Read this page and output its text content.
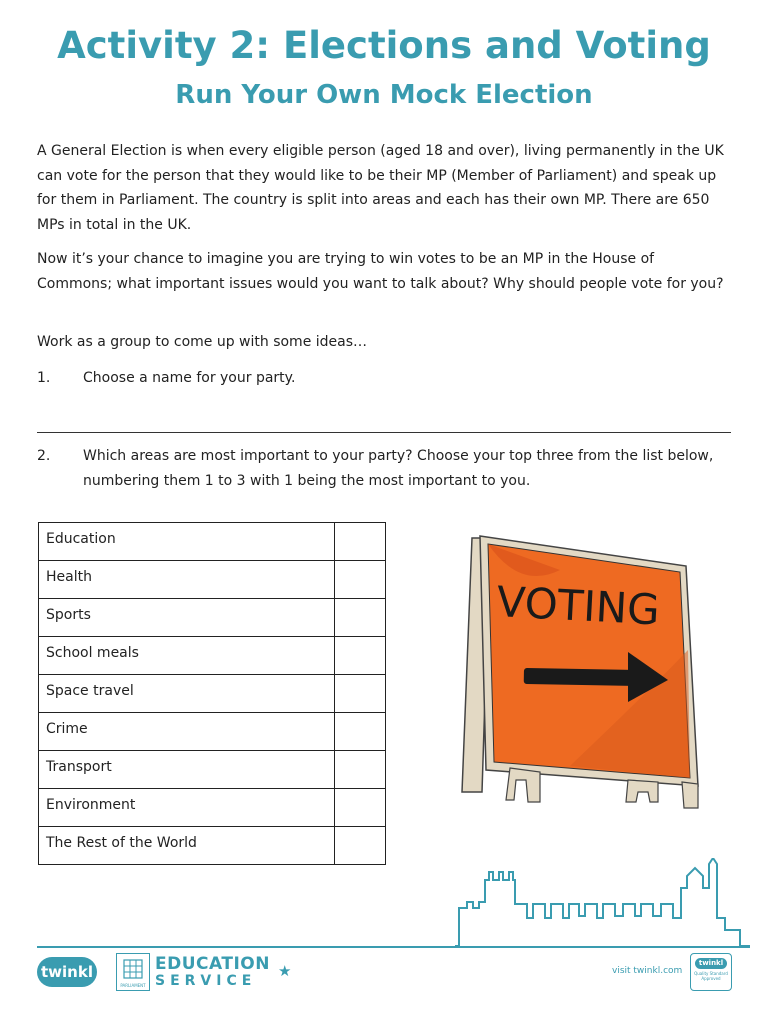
Activity 2: Elections and Voting
Run Your Own Mock Election

A General Election is when every eligible person (aged 18 and over), living permanently in the UK can vote for the person that they would like to be their MP (Member of Parliament) and speak up for them in Parliament. The country is split into areas and each has their own MP. There are 650 MPs in total in the UK.

Now it’s your chance to imagine you are trying to win votes to be an MP in the House of Commons; what important issues would you want to talk about? Why should people vote for you?

Work as a group to come up with some ideas…

1. Choose a name for your party.
2. Which areas are most important to your party? Choose your top three from the list below, numbering them 1 to 3 with 1 being the most important to you.
Education	
Health	
Sports	
School meals	
Space travel	
Crime	
Transport	
Environment	
The Rest of the World	
VOTING
twinkl
PARLIAMENT
EDUCATION
SERVICE
★	visit twinkl.com
twinkl
Quality Standard Approved
